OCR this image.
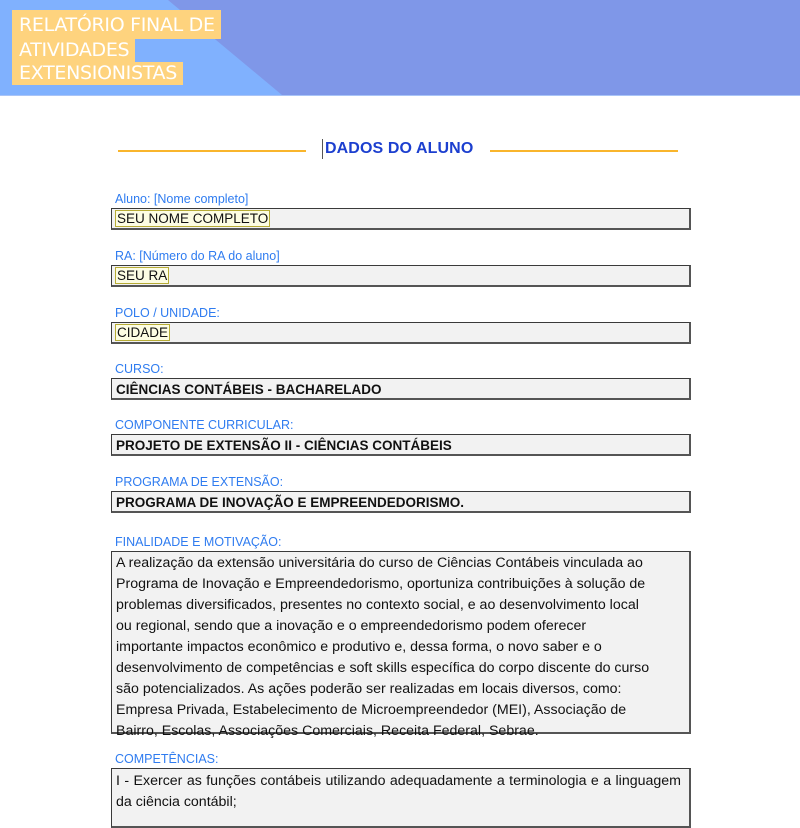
RELATÓRIO FINAL DE
ATIVIDADES
EXTENSIONISTAS
DADOS DO ALUNO
Aluno: [Nome completo]
SEU NOME COMPLETO
RA: [Número do RA do aluno]
SEU RA
POLO / UNIDADE:
CIDADE
CURSO:
CIÊNCIAS CONTÁBEIS - BACHARELADO
COMPONENTE CURRICULAR:
PROJETO DE EXTENSÃO II - CIÊNCIAS CONTÁBEIS
PROGRAMA DE EXTENSÃO:
PROGRAMA DE INOVAÇÃO E EMPREENDEDORISMO.
FINALIDADE E MOTIVAÇÃO:
A realização da extensão universitária do curso de Ciências Contábeis vinculada ao
Programa de Inovação e Empreendedorismo, oportuniza contribuições à solução de
problemas diversificados, presentes no contexto social, e ao desenvolvimento local
ou regional, sendo que a inovação e o empreendedorismo podem oferecer
importante impactos econômico e produtivo e, dessa forma, o novo saber e o
desenvolvimento de competências e soft skills específica do corpo discente do curso
são potencializados. As ações poderão ser realizadas em locais diversos, como:
Empresa Privada, Estabelecimento de Microempreendedor (MEI), Associação de
Bairro, Escolas, Associações Comerciais, Receita Federal, Sebrae.
COMPETÊNCIAS:
I - Exercer as funções contábeis utilizando adequadamente a terminologia e a linguagem da ciência contábil;
